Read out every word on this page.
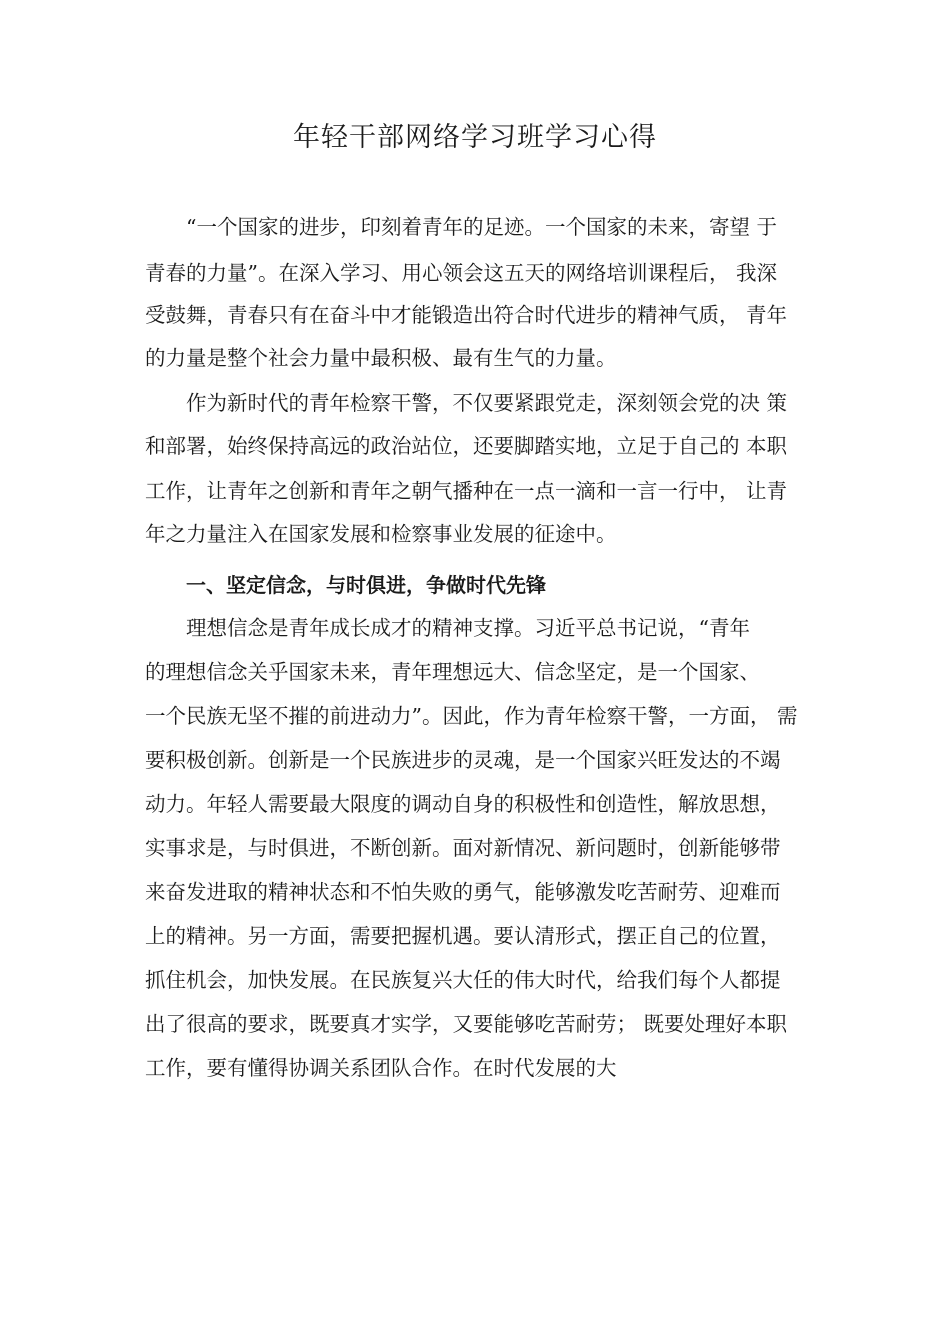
年轻干部网络学习班学习心得

“一个国家的进步，印刻着青年的足迹。一个国家的未来，寄望 于

青春的力量”。在深入学习、用心领会这五天的网络培训课程后， 我深

受鼓舞，青春只有在奋斗中才能锻造出符合时代进步的精神气质， 青年

的力量是整个社会力量中最积极、最有生气的力量。

作为新时代的青年检察干警，不仅要紧跟党走，深刻领会党的决 策

和部署，始终保持高远的政治站位，还要脚踏实地，立足于自己的 本职

工作，让青年之创新和青年之朝气播种在一点一滴和一言一行中， 让青

年之力量注入在国家发展和检察事业发展的征途中。

一、坚定信念，与时俱进，争做时代先锋

理想信念是青年成长成才的精神支撑。习近平总书记说，“青年

的理想信念关乎国家未来，青年理想远大、信念坚定，是一个国家、

一个民族无坚不摧的前进动力”。因此，作为青年检察干警，一方面， 需

要积极创新。创新是一个民族进步的灵魂，是一个国家兴旺发达的不竭

动力。年轻人需要最大限度的调动自身的积极性和创造性，解放思想，

实事求是，与时俱进，不断创新。面对新情况、新问题时，创新能够带

来奋发进取的精神状态和不怕失败的勇气，能够激发吃苦耐劳、迎难而

上的精神。另一方面，需要把握机遇。要认清形式，摆正自己的位置，

抓住机会，加快发展。在民族复兴大任的伟大时代，给我们每个人都提

出了很高的要求，既要真才实学，又要能够吃苦耐劳； 既要处理好本职

工作，要有懂得协调关系团队合作。在时代发展的大
